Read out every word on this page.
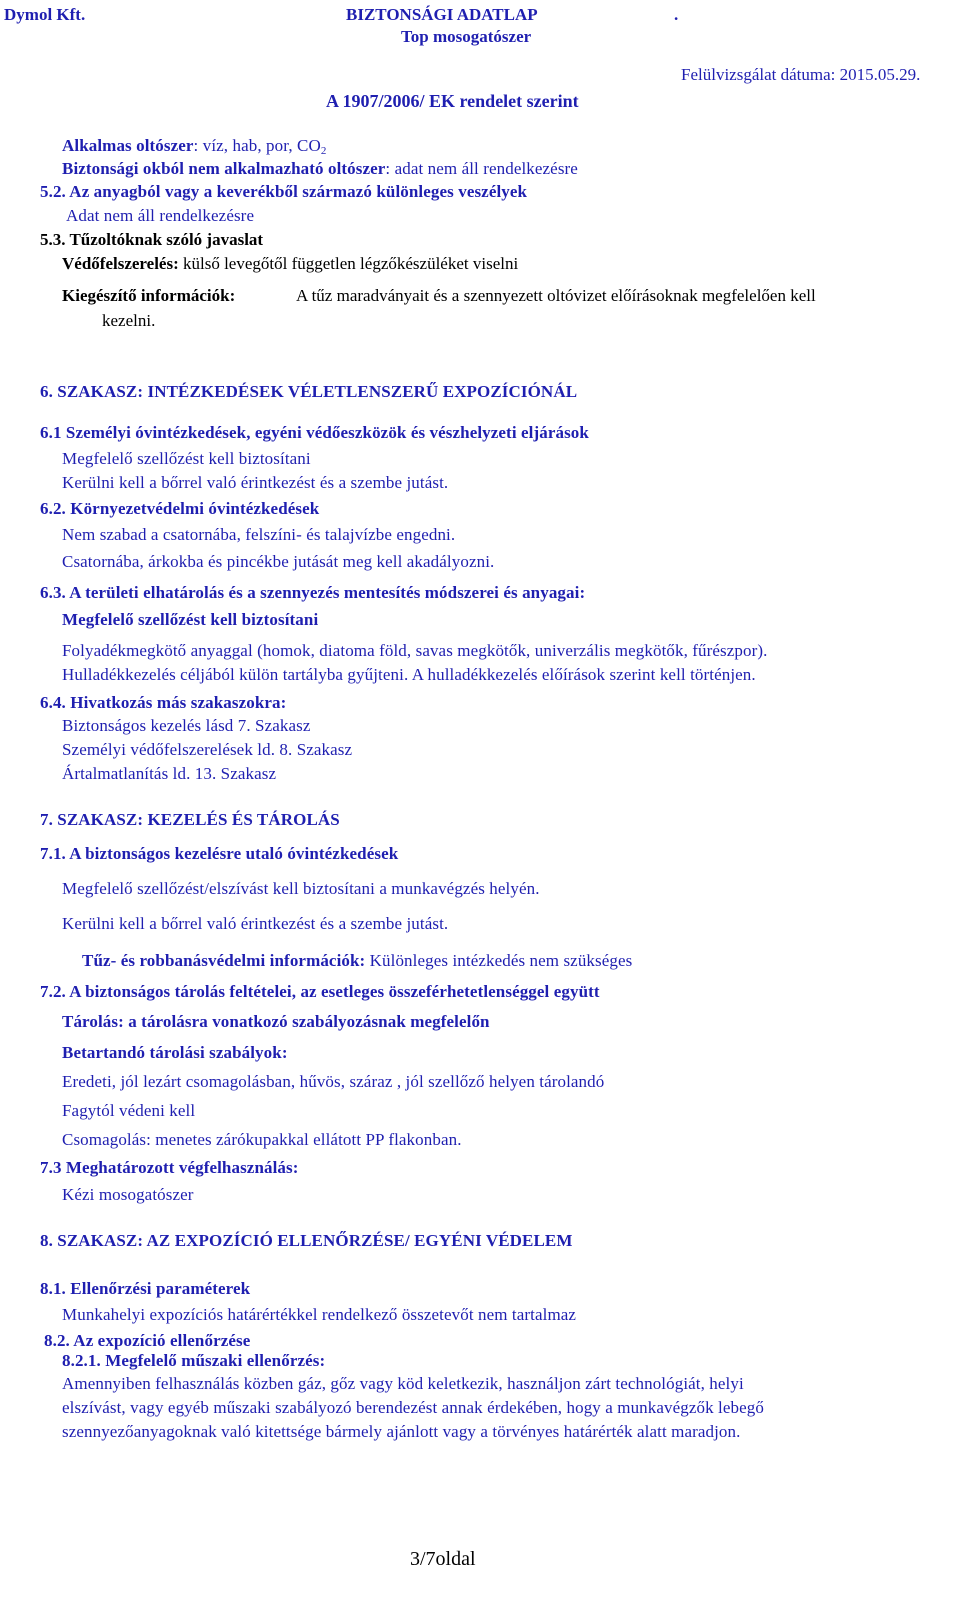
Dymol Kft.	BIZTONSÁGI ADATLAP	.
Top mosogatószer
Felülvizsgálat dátuma: 2015.05.29.
A 1907/2006/ EK rendelet szerint
Alkalmas oltószer: víz, hab, por, $CO_2$
Biztonsági okból nem alkalmazható oltószer: adat nem áll rendelkezésre
5.2. Az anyagból vagy a keverékből származó különleges veszélyek
Adat nem áll rendelkezésre
5.3. Tűzoltóknak szóló javaslat
Védőfelszerelés: külső levegőtől független légzőkészüléket viselni
Kiegészítő információk:	A tűz maradványait és a szennyezett oltóvizet előírásoknak megfelelően kell
kezelni.
6. SZAKASZ: INTÉZKEDÉSEK VÉLETLENSZERŰ EXPOZÍCIÓNÁL
6.1 Személyi óvintézkedések, egyéni védőeszközök és vészhelyzeti eljárások
Megfelelő szellőzést kell biztosítani
Kerülni kell a bőrrel való érintkezést és a szembe jutást.
6.2. Környezetvédelmi óvintézkedések
Nem szabad a csatornába, felszíni- és talajvízbe engedni.
Csatornába, árkokba és pincékbe jutását meg kell akadályozni.
6.3. A területi elhatárolás és a szennyezés mentesítés módszerei és anyagai:
Megfelelő szellőzést kell biztosítani
Folyadékmegkötő anyaggal (homok, diatoma föld, savas megkötők, univerzális megkötők, fűrészpor).
Hulladékkezelés céljából külön tartályba gyűjteni. A hulladékkezelés előírások szerint kell történjen.
6.4. Hivatkozás más szakaszokra:
Biztonságos kezelés lásd 7. Szakasz
Személyi védőfelszerelések ld. 8. Szakasz
Ártalmatlanítás ld. 13. Szakasz
7. SZAKASZ: KEZELÉS ÉS TÁROLÁS
7.1. A biztonságos kezelésre utaló óvintézkedések
Megfelelő szellőzést/elszívást kell biztosítani a munkavégzés helyén.
Kerülni kell a bőrrel való érintkezést és a szembe jutást.
Tűz- és robbanásvédelmi információk: Különleges intézkedés nem szükséges
7.2. A biztonságos tárolás feltételei, az esetleges összeférhetetlenséggel együtt
Tárolás: a tárolásra vonatkozó szabályozásnak megfelelőn
Betartandó tárolási szabályok:
Eredeti, jól lezárt csomagolásban, hűvös, száraz , jól szellőző helyen tárolandó
Fagytól védeni kell
Csomagolás: menetes zárókupakkal ellátott PP flakonban.
7.3 Meghatározott végfelhasználás:
Kézi mosogatószer
8. SZAKASZ: AZ EXPOZÍCIÓ ELLENŐRZÉSE/ EGYÉNI VÉDELEM
8.1. Ellenőrzési paraméterek
Munkahelyi expozíciós határértékkel rendelkező összetevőt nem tartalmaz
8.2. Az expozíció ellenőrzése
8.2.1. Megfelelő műszaki ellenőrzés:
Amennyiben felhasználás közben gáz, gőz vagy köd keletkezik, használjon zárt technológiát, helyi
elszívást, vagy egyéb műszaki szabályozó berendezést annak érdekében, hogy a munkavégzők lebegő
szennyezőanyagoknak való kitettsége bármely ajánlott vagy a törvényes határérték alatt maradjon.
3/7oldal
